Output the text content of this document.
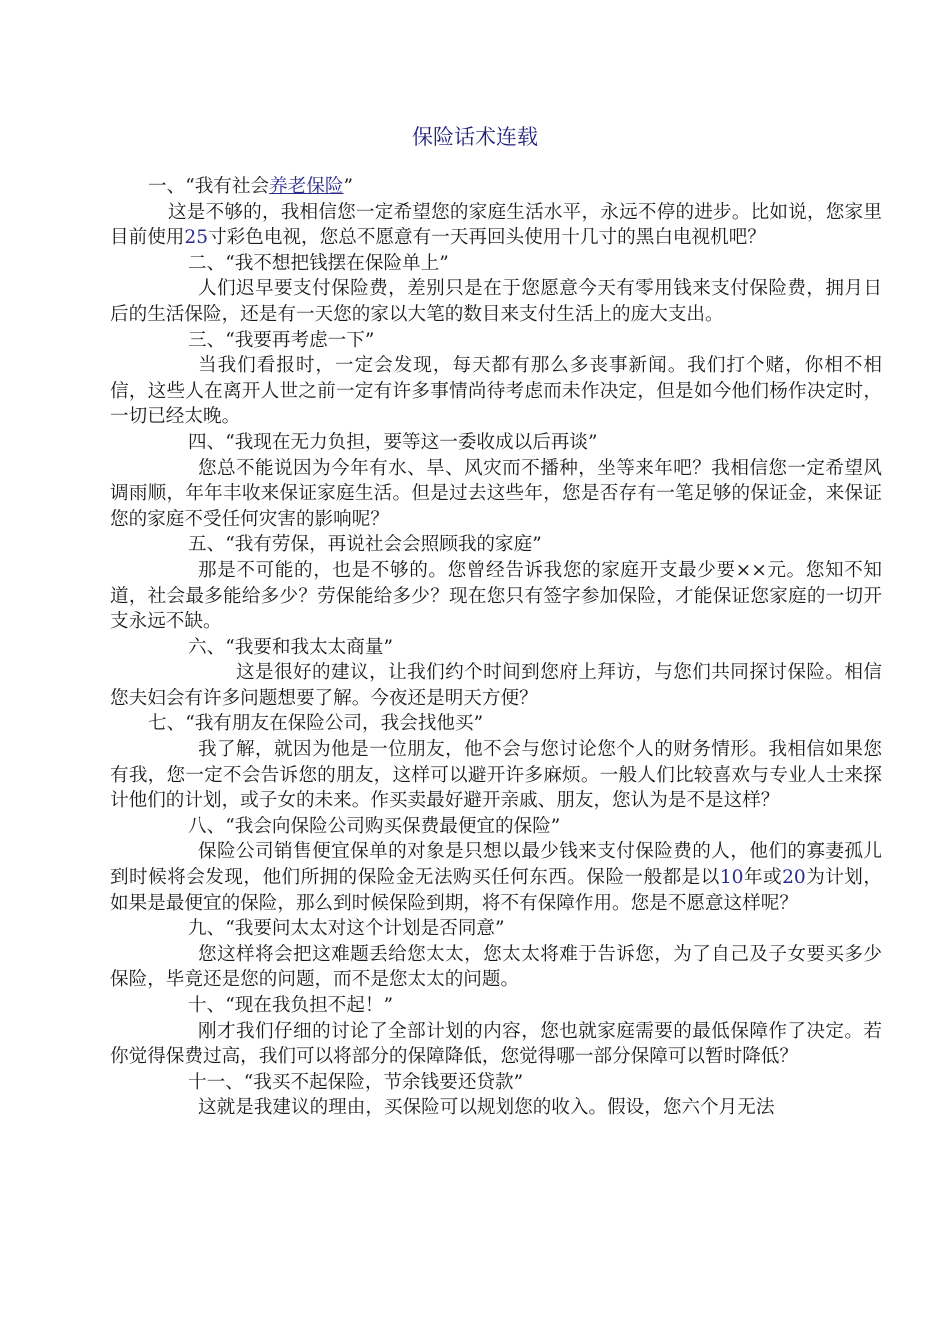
保险话术连载

一、“我有社会养老保险”

这是不够的，我相信您一定希望您的家庭生活水平，永远不停的进步。比如说，您家里目前使用25寸彩色电视，您总不愿意有一天再回头使用十几寸的黑白电视机吧？

二、“我不想把钱摆在保险单上”

人们迟早要支付保险费，差别只是在于您愿意今天有零用钱来支付保险费，拥月日后的生活保险，还是有一天您的家以大笔的数目来支付生活上的庞大支出。

三、“我要再考虑一下”

当我们看报时，一定会发现，每天都有那么多丧事新闻。我们打个赌，你相不相信，这些人在离开人世之前一定有许多事情尚待考虑而未作决定，但是如今他们杨作决定时，一切已经太晚。

四、“我现在无力负担，要等这一委收成以后再谈”

您总不能说因为今年有水、旱、风灾而不播种，坐等来年吧？我相信您一定希望风调雨顺，年年丰收来保证家庭生活。但是过去这些年，您是否存有一笔足够的保证金，来保证您的家庭不受任何灾害的影响呢？

五、“我有劳保，再说社会会照顾我的家庭”

那是不可能的，也是不够的。您曾经告诉我您的家庭开支最少要××元。您知不知道，社会最多能给多少？劳保能给多少？现在您只有签字参加保险，才能保证您家庭的一切开支永远不缺。

六、“我要和我太太商量”

这是很好的建议，让我们约个时间到您府上拜访，与您们共同探讨保险。相信您夫妇会有许多问题想要了解。今夜还是明天方便？

七、“我有朋友在保险公司，我会找他买”

我了解，就因为他是一位朋友，他不会与您讨论您个人的财务情形。我相信如果您有我，您一定不会告诉您的朋友，这样可以避开许多麻烦。一般人们比较喜欢与专业人士来探计他们的计划，或子女的未来。作买卖最好避开亲戚、朋友，您认为是不是这样？

八、“我会向保险公司购买保费最便宜的保险”

保险公司销售便宜保单的对象是只想以最少钱来支付保险费的人，他们的寡妻孤儿到时候将会发现，他们所拥的保险金无法购买任何东西。保险一般都是以10年或20为计划，如果是最便宜的保险，那么到时候保险到期，将不有保障作用。您是不愿意这样呢？

九、“我要问太太对这个计划是否同意”

您这样将会把这难题丢给您太太，您太太将难于告诉您，为了自己及子女要买多少保险，毕竟还是您的问题，而不是您太太的问题。

十、“现在我负担不起！”

刚才我们仔细的讨论了全部计划的内容，您也就家庭需要的最低保障作了决定。若你觉得保费过高，我们可以将部分的保障降低，您觉得哪一部分保障可以暂时降低？

十一、“我买不起保险，节余钱要还贷款”

这就是我建议的理由，买保险可以规划您的收入。假设，您六个月无法
